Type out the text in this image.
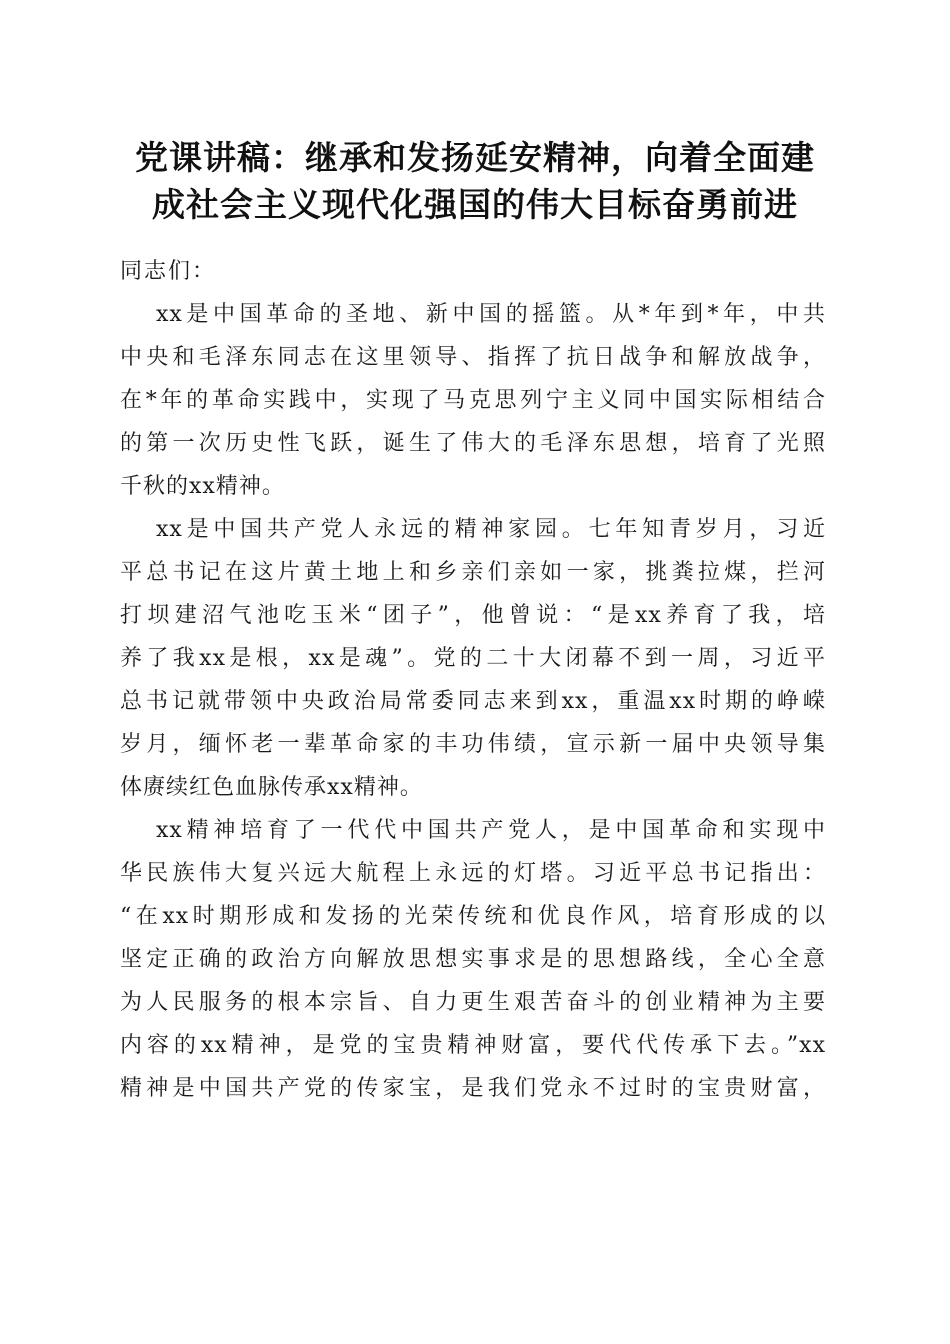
党课讲稿：继承和发扬延安精神，向着全面建
成社会主义现代化强国的伟大目标奋勇前进

同志们：

xx是中国革命的圣地、新中国的摇篮。从*年到*年，中共
中央和毛泽东同志在这里领导、指挥了抗日战争和解放战争，
在*年的革命实践中，实现了马克思列宁主义同中国实际相结合
的第一次历史性飞跃，诞生了伟大的毛泽东思想，培育了光照
千秋的xx精神。

xx是中国共产党人永远的精神家园。七年知青岁月，习近
平总书记在这片黄土地上和乡亲们亲如一家，挑粪拉煤，拦河
打坝建沼气池吃玉米“团子”，他曾说：“是xx养育了我，培
养了我xx是根，xx是魂”。党的二十大闭幕不到一周，习近平
总书记就带领中央政治局常委同志来到xx，重温xx时期的峥嵘
岁月，缅怀老一辈革命家的丰功伟绩，宣示新一届中央领导集
体赓续红色血脉传承xx精神。

xx精神培育了一代代中国共产党人，是中国革命和实现中
华民族伟大复兴远大航程上永远的灯塔。习近平总书记指出：
“在xx时期形成和发扬的光荣传统和优良作风，培育形成的以
坚定正确的政治方向解放思想实事求是的思想路线，全心全意
为人民服务的根本宗旨、自力更生艰苦奋斗的创业精神为主要
内容的xx精神，是党的宝贵精神财富，要代代传承下去。”xx
精神是中国共产党的传家宝，是我们党永不过时的宝贵财富，
